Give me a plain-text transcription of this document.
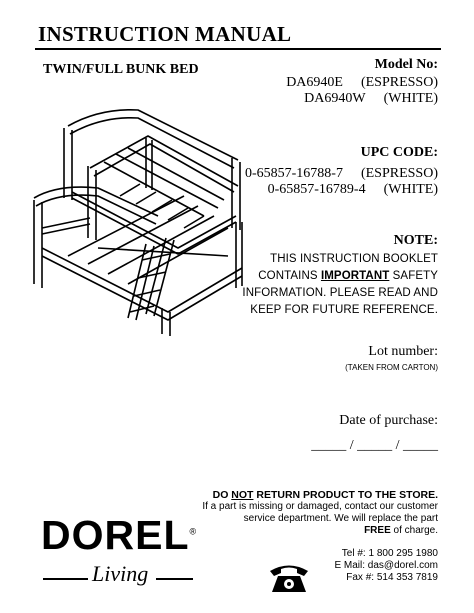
INSTRUCTION MANUAL
TWIN/FULL BUNK BED	Model No:
DA6940E (ESPRESSO)
DA6940W (WHITE)
UPC CODE:
0-65857-16788-7 (ESPRESSO)
0-65857-16789-4 (WHITE)
NOTE:
THIS INSTRUCTION BOOKLET
CONTAINS IMPORTANT SAFETY
INFORMATION. PLEASE READ AND
KEEP FOR FUTURE REFERENCE.
Lot number:
(TAKEN FROM CARTON)
Date of purchase:
_____ / _____ / _____
DO NOT RETURN PRODUCT TO THE STORE.
If a part is missing or damaged, contact our customer
service department. We will replace the part
FREE of charge.
DOREL®
Living
Tel #: 1 800 295 1980
E Mail: das@dorel.com
Fax #: 514 353 7819
